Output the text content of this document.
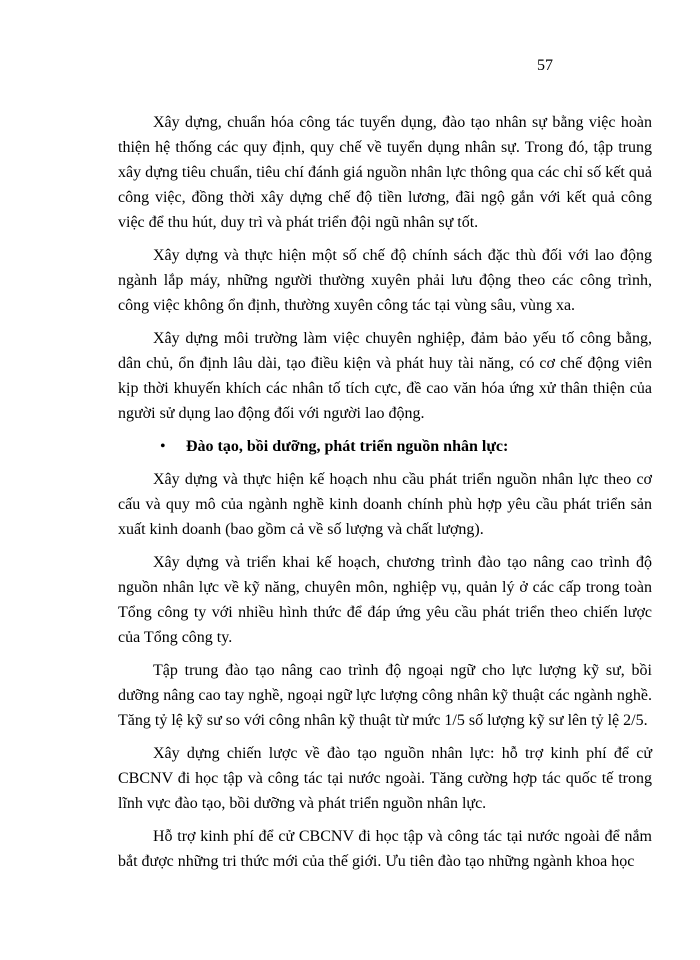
57

Xây dựng, chuẩn hóa công tác tuyển dụng, đào tạo nhân sự bằng việc hoàn thiện hệ thống các quy định, quy chế về tuyển dụng nhân sự. Trong đó, tập trung xây dựng tiêu chuẩn, tiêu chí đánh giá nguồn nhân lực thông qua các chỉ số kết quả công việc, đồng thời xây dựng chế độ tiền lương, đãi ngộ gắn với kết quả công việc để thu hút, duy trì và phát triển đội ngũ nhân sự tốt.

Xây dựng và thực hiện một số chế độ chính sách đặc thù đối với lao động ngành lắp máy, những người thường xuyên phải lưu động theo các công trình, công việc không ổn định, thường xuyên công tác tại vùng sâu, vùng xa.

Xây dựng môi trường làm việc chuyên nghiệp, đảm bảo yếu tố công bằng, dân chủ, ổn định lâu dài, tạo điều kiện và phát huy tài năng, có cơ chế động viên kịp thời khuyến khích các nhân tố tích cực, đề cao văn hóa ứng xử thân thiện của người sử dụng lao động đối với người lao động.

• Đào tạo, bồi dưỡng, phát triển nguồn nhân lực:

Xây dựng và thực hiện kế hoạch nhu cầu phát triển nguồn nhân lực theo cơ cấu và quy mô của ngành nghề kinh doanh chính phù hợp yêu cầu phát triển sản xuất kinh doanh (bao gồm cả về số lượng và chất lượng).

Xây dựng và triển khai kế hoạch, chương trình đào tạo nâng cao trình độ nguồn nhân lực về kỹ năng, chuyên môn, nghiệp vụ, quản lý ở các cấp trong toàn Tổng công ty với nhiều hình thức để đáp ứng yêu cầu phát triển theo chiến lược của Tổng công ty.

Tập trung đào tạo nâng cao trình độ ngoại ngữ cho lực lượng kỹ sư, bồi dưỡng nâng cao tay nghề, ngoại ngữ lực lượng công nhân kỹ thuật các ngành nghề. Tăng tỷ lệ kỹ sư so với công nhân kỹ thuật từ mức 1/5 số lượng kỹ sư lên tỷ lệ 2/5.

Xây dựng chiến lược về đào tạo nguồn nhân lực: hỗ trợ kinh phí để cử CBCNV đi học tập và công tác tại nước ngoài. Tăng cường hợp tác quốc tế trong lĩnh vực đào tạo, bồi dưỡng và phát triển nguồn nhân lực.

Hỗ trợ kinh phí để cử CBCNV đi học tập và công tác tại nước ngoài để nắm bắt được những tri thức mới của thế giới. Ưu tiên đào tạo những ngành khoa học
